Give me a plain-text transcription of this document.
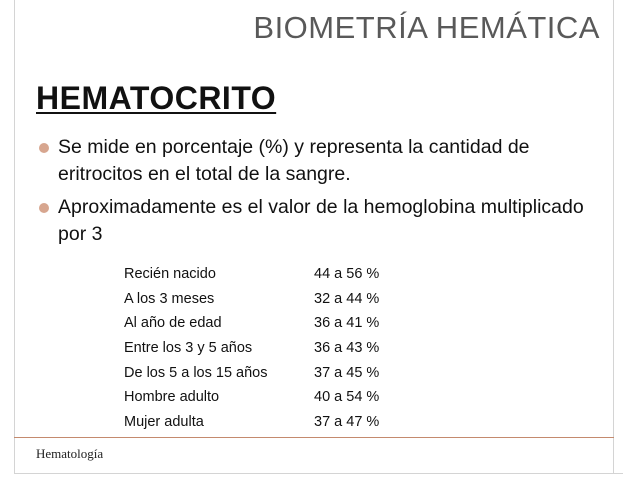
BIOMETRÍA HEMÁTICA
HEMATOCRITO
Se mide en porcentaje (%) y representa la cantidad de eritrocitos en el total de la sangre.
Aproximadamente es el valor de la hemoglobina multiplicado por 3
Recién nacido	44 a 56 %
A los 3 meses	32 a 44 %
Al año de edad	36 a 41 %
Entre los 3 y 5 años	36 a 43 %
De los 5 a los 15 años	37 a 45 %
Hombre adulto	40 a 54 %
Mujer adulta	37 a 47 %
Hematología
